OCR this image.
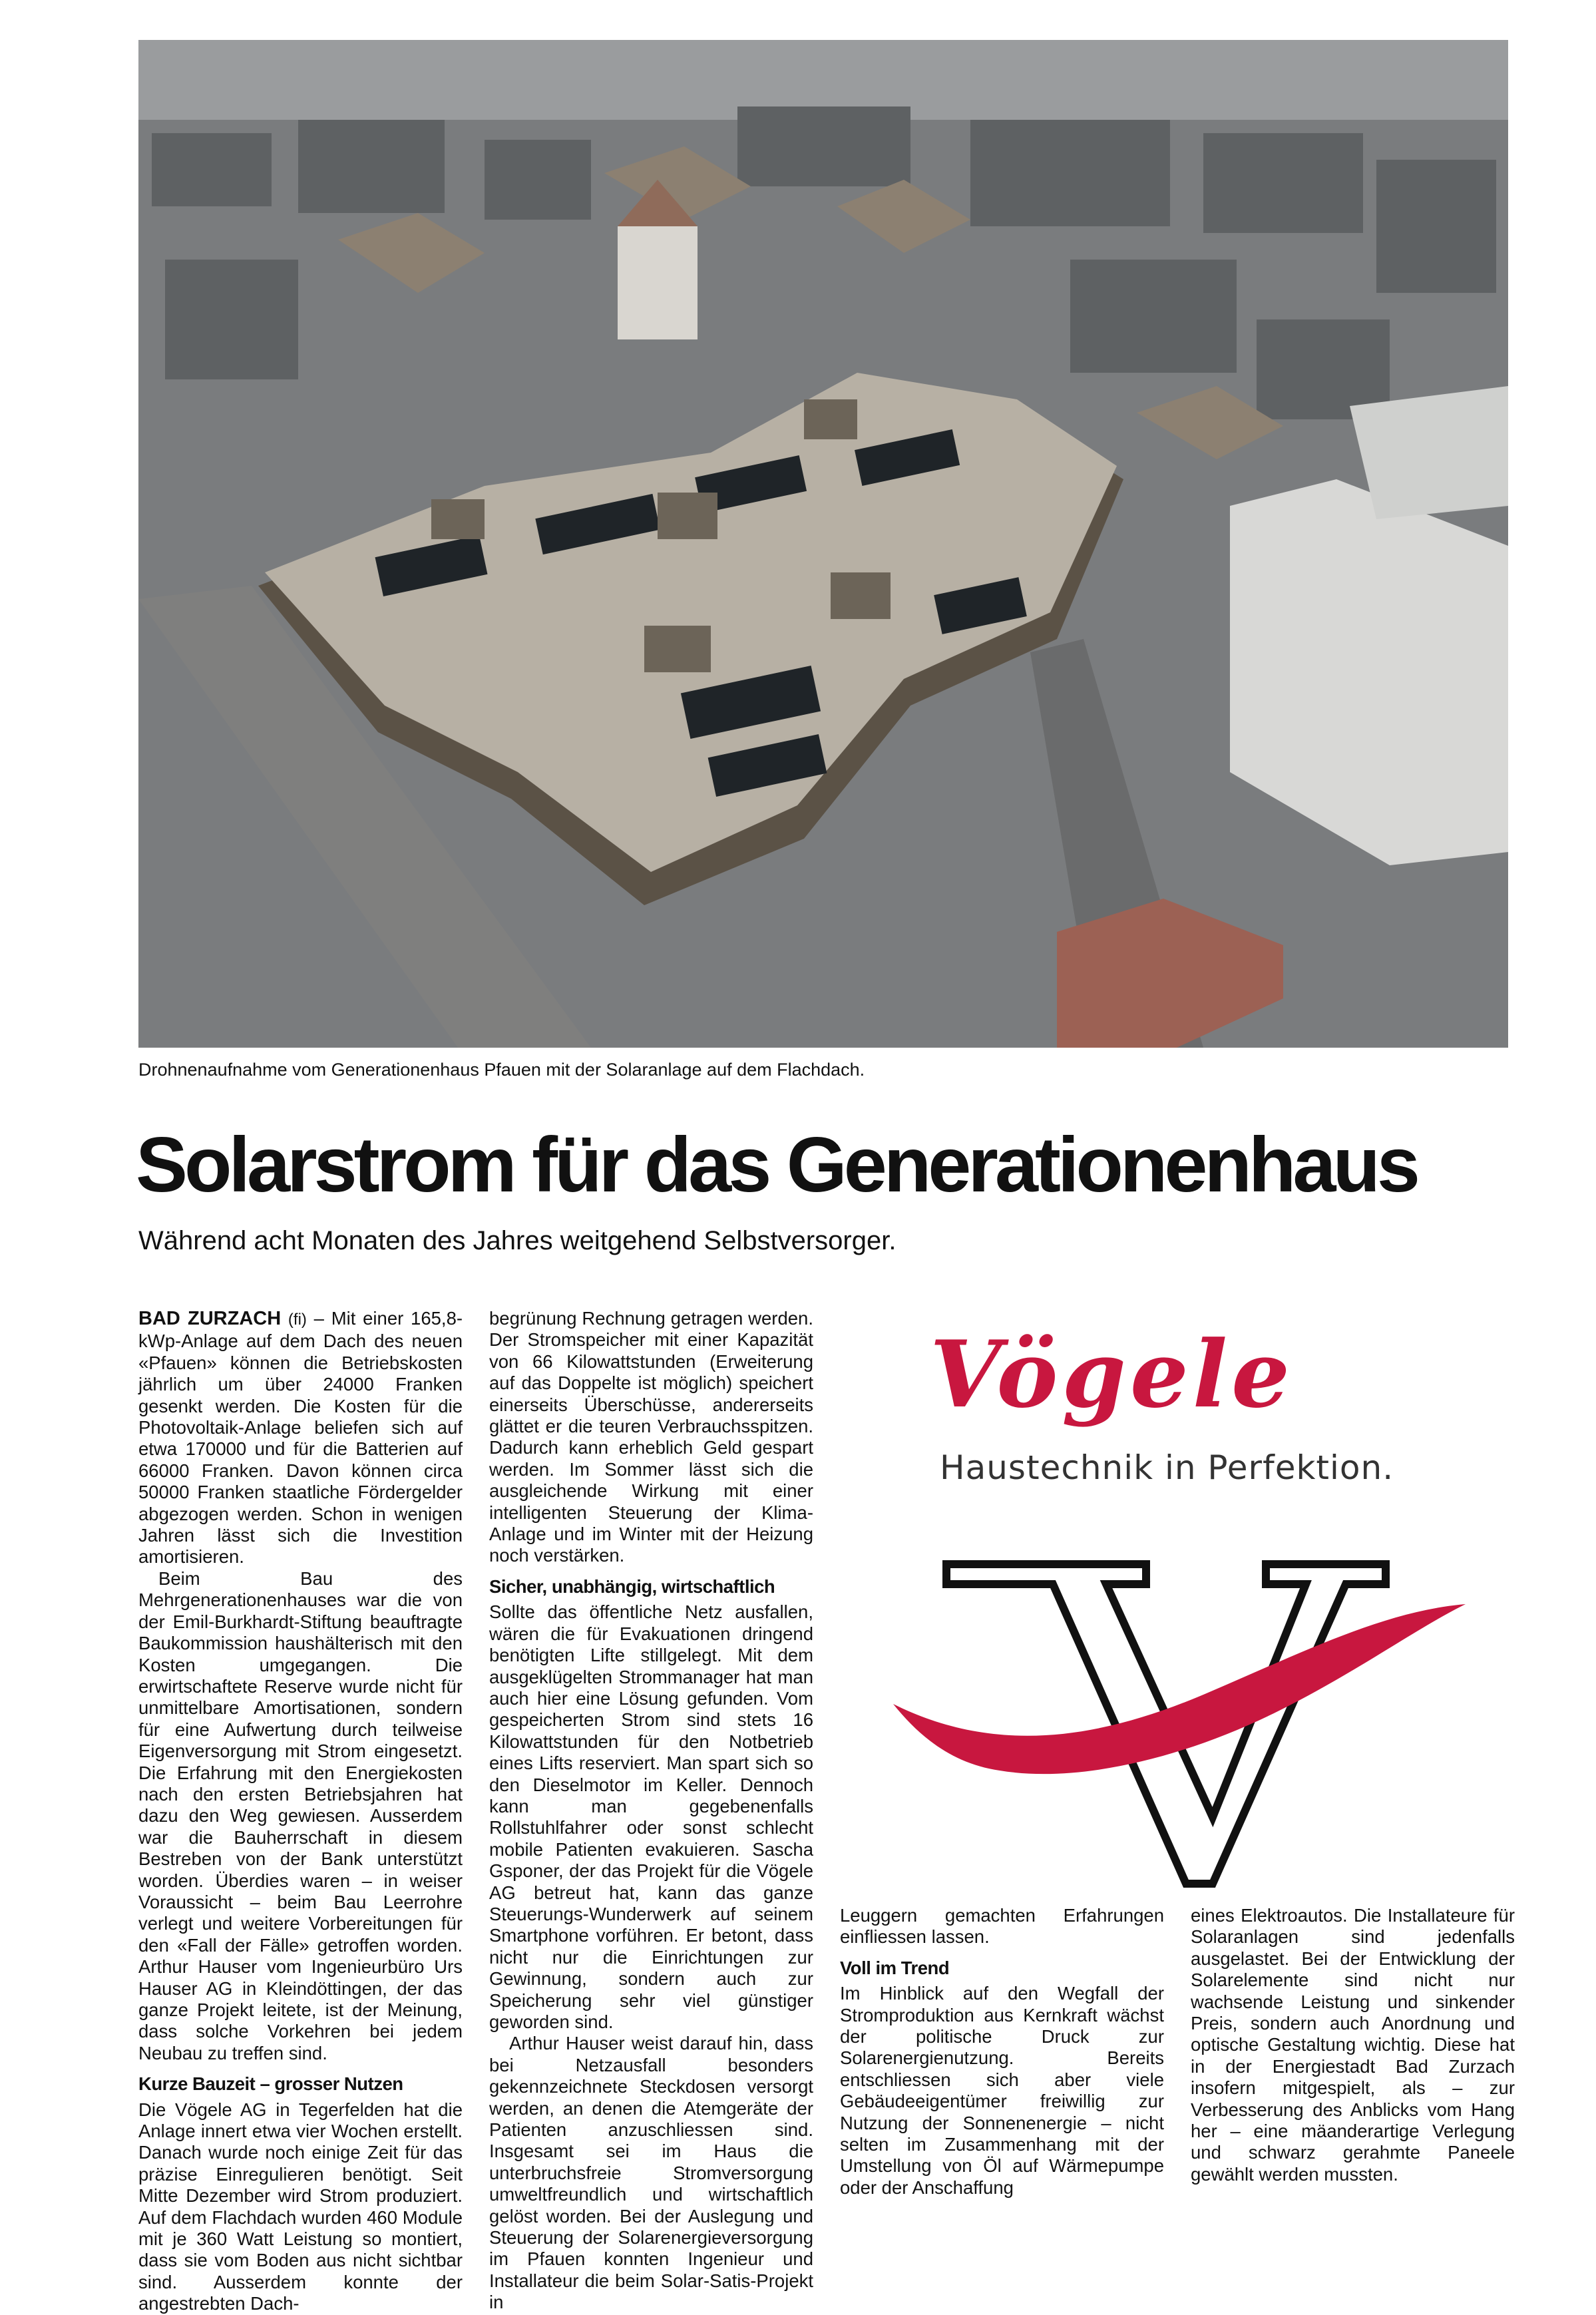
Drohnenaufnahme vom Generationenhaus Pfauen mit der Solaranlage auf dem Flachdach.
Solarstrom für das Generationenhaus
Während acht Monaten des Jahres weitgehend Selbstversorger.

BAD ZURZACH (fi) – Mit einer 165,8-kWp-Anlage auf dem Dach des neuen «Pfauen» können die Betriebskosten jährlich um über 24000 Franken gesenkt werden. Die Kosten für die Photovoltaik-Anlage beliefen sich auf etwa 170000 und für die Batterien auf 66000 Franken. Davon können circa 50000 Franken staatliche Fördergelder abgezogen werden. Schon in wenigen Jahren lässt sich die Investition amortisieren.

Beim Bau des Mehrgenerationenhauses war die von der Emil-Burkhardt-Stiftung beauftragte Baukommission haushälterisch mit den Kosten umgegangen. Die erwirtschaftete Reserve wurde nicht für unmittelbare Amortisationen, sondern für eine Aufwertung durch teilweise Eigenversorgung mit Strom eingesetzt. Die Erfahrung mit den Energiekosten nach den ersten Betriebsjahren hat dazu den Weg gewiesen. Ausserdem war die Bauherrschaft in diesem Bestreben von der Bank unterstützt worden. Überdies waren – in weiser Voraussicht – beim Bau Leerrohre verlegt und weitere Vorbereitungen für den «Fall der Fälle» getroffen worden. Arthur Hauser vom Ingenieurbüro Urs Hauser AG in Kleindöttingen, der das ganze Projekt leitete, ist der Meinung, dass solche Vorkehren bei jedem Neubau zu treffen sind.

Kurze Bauzeit – grosser Nutzen

Die Vögele AG in Tegerfelden hat die Anlage innert etwa vier Wochen erstellt. Danach wurde noch einige Zeit für das präzise Einregulieren benötigt. Seit Mitte Dezember wird Strom produziert. Auf dem Flachdach wurden 460 Module mit je 360 Watt Leistung so montiert, dass sie vom Boden aus nicht sichtbar sind. Ausserdem konnte der angestrebten Dach-

begrünung Rechnung getragen werden. Der Stromspeicher mit einer Kapazität von 66 Kilowattstunden (Erweiterung auf das Doppelte ist möglich) speichert einerseits Überschüsse, andererseits glättet er die teuren Verbrauchsspitzen. Dadurch kann erheblich Geld gespart werden. Im Sommer lässt sich die ausgleichende Wirkung mit einer intelligenten Steuerung der Klima-Anlage und im Winter mit der Heizung noch verstärken.

Sicher, unabhängig, wirtschaftlich

Sollte das öffentliche Netz ausfallen, wären die für Evakuationen dringend benötigten Lifte stillgelegt. Mit dem ausgeklügelten Strommanager hat man auch hier eine Lösung gefunden. Vom gespeicherten Strom sind stets 16 Kilowattstunden für den Notbetrieb eines Lifts reserviert. Man spart sich so den Dieselmotor im Keller. Dennoch kann man gegebenenfalls Rollstuhlfahrer oder sonst schlecht mobile Patienten evakuieren. Sascha Gsponer, der das Projekt für die Vögele AG betreut hat, kann das ganze Steuerungs-Wunderwerk auf seinem Smartphone vorführen. Er betont, dass nicht nur die Einrichtungen zur Gewinnung, sondern auch zur Speicherung sehr viel günstiger geworden sind.

Arthur Hauser weist darauf hin, dass bei Netzausfall besonders gekennzeichnete Steckdosen versorgt werden, an denen die Atemgeräte der Patienten anzuschliessen sind. Insgesamt sei im Haus die unterbruchsfreie Stromversorgung umweltfreundlich und wirtschaftlich gelöst worden. Bei der Auslegung und Steuerung der Solarenergieversorgung im Pfauen konnten Ingenieur und Installateur die beim Solar-Satis-Projekt in

Vögele
Haustechnik in Perfektion.

Leuggern gemachten Erfahrungen einfliessen lassen.

Voll im Trend

Im Hinblick auf den Wegfall der Stromproduktion aus Kernkraft wächst der politische Druck zur Solarenergienutzung. Bereits entschliessen sich aber viele Gebäudeeigentümer freiwillig zur Nutzung der Sonnenenergie – nicht selten im Zusammenhang mit der Umstellung von Öl auf Wärmepumpe oder der Anschaffung

eines Elektroautos. Die Installateure für Solaranlagen sind jedenfalls ausgelastet. Bei der Entwicklung der Solarelemente sind nicht nur wachsende Leistung und sinkender Preis, sondern auch Anordnung und optische Gestaltung wichtig. Diese hat in der Energiestadt Bad Zurzach insofern mitgespielt, als – zur Verbesserung des Anblicks vom Hang her – eine mäanderartige Verlegung und schwarz gerahmte Paneele gewählt werden mussten.
